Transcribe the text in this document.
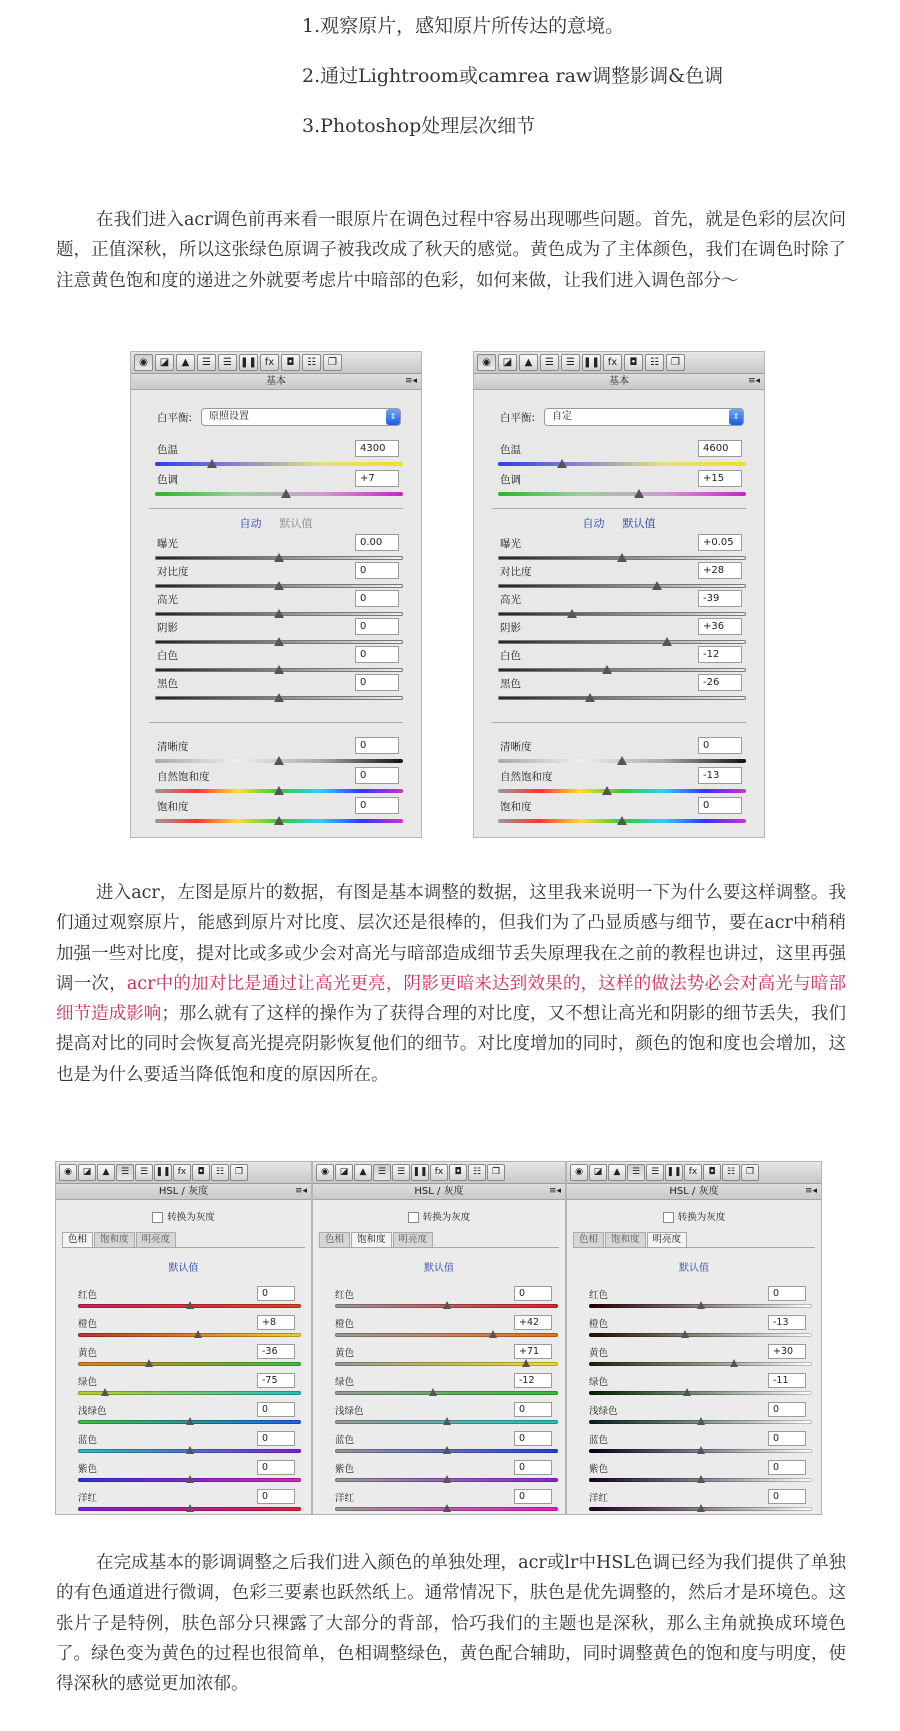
1.观察原片，感知原片所传达的意境。
2.通过Lightroom或camrea raw调整影调&色调
3.Photoshop处理层次细节

在我们进入acr调色前再来看一眼原片在调色过程中容易出现哪些问题。首先，就是色彩的层次问题，正值深秋，所以这张绿色原调子被我改成了秋天的感觉。黄色成为了主体颜色，我们在调色时除了注意黄色饱和度的递进之外就要考虑片中暗部的色彩，如何来做，让我们进入调色部分～

◉	◪	▲	☰	☰ ❚❚ fx	◘	☷	❐
基本	≡◂
白平衡:	原照设置	⇕
色温	4300
色调	+7
曝光	0.00
对比度	0
高光	0
阴影	0
白色	0
黑色	0
清晰度	0
自然饱和度	0
饱和度	0
自动 默认值
◉	◪	▲	☰	☰ ❚❚ fx	◘	☷	❐
基本	≡◂
白平衡:	自定	⇕
色温	4600
色调	+15
曝光	+0.05
对比度	+28
高光	-39
阴影	+36
白色	-12
黑色	-26
清晰度	0
自然饱和度	-13
饱和度	0
自动 默认值

进入acr，左图是原片的数据，有图是基本调整的数据，这里我来说明一下为什么要这样调整。我们通过观察原片，能感到原片对比度、层次还是很棒的，但我们为了凸显质感与细节，要在acr中稍稍加强一些对比度，提对比或多或少会对高光与暗部造成细节丢失原理我在之前的教程也讲过，这里再强调一次，acr中的加对比是通过让高光更亮，阴影更暗来达到效果的，这样的做法势必会对高光与暗部细节造成影响；那么就有了这样的操作为了获得合理的对比度，又不想让高光和阴影的细节丢失，我们提高对比的同时会恢复高光提亮阴影恢复他们的细节。对比度增加的同时，颜色的饱和度也会增加，这也是为什么要适当降低饱和度的原因所在。

◉	◪	▲	☰	☰ ❚❚ fx	◘	☷	❐
HSL / 灰度	≡◂
转换为灰度
色相	饱和度	明亮度
默认值
红色	0
橙色	+8
黄色	-36
绿色	-75
浅绿色	0
蓝色	0
紫色	0
洋红	0
◉	◪	▲	☰	☰ ❚❚ fx	◘	☷	❐
HSL / 灰度	≡◂
转换为灰度
色相	饱和度	明亮度
默认值
红色	0
橙色	+42
黄色	+71
绿色	-12
浅绿色	0
蓝色	0
紫色	0
洋红	0
◉	◪	▲	☰	☰ ❚❚ fx	◘	☷	❐
HSL / 灰度	≡◂
转换为灰度
色相	饱和度	明亮度
默认值
红色	0
橙色	-13
黄色	+30
绿色	-11
浅绿色	0
蓝色	0
紫色	0
洋红	0

在完成基本的影调调整之后我们进入颜色的单独处理，acr或lr中HSL色调已经为我们提供了单独的有色通道进行微调，色彩三要素也跃然纸上。通常情况下，肤色是优先调整的，然后才是环境色。这张片子是特例，肤色部分只裸露了大部分的背部，恰巧我们的主题也是深秋，那么主角就换成环境色了。绿色变为黄色的过程也很简单，色相调整绿色，黄色配合辅助，同时调整黄色的饱和度与明度，使得深秋的感觉更加浓郁。
